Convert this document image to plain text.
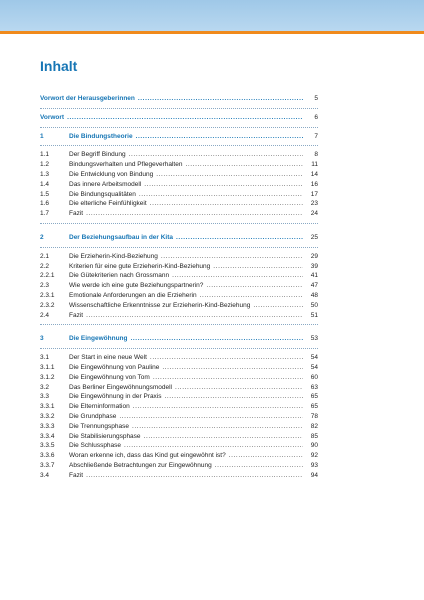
Inhalt
Vorwort der Herausgeberinnen .....	5
Vorwort .....	6
1	Die Bindungstheorie .....	7
1.1	Der Begriff Bindung .....	8
1.2	Bindungsverhalten und Pflegeverhalten .....	11
1.3	Die Entwicklung von Bindung .....	14
1.4	Das innere Arbeitsmodell .....	16
1.5	Die Bindungsqualitäten .....	17
1.6	Die elterliche Feinfühligkeit .....	23
1.7	Fazit .....	24
2	Der Beziehungsaufbau in der Kita .....	25
2.1	Die Erzieherin-Kind-Beziehung .....	29
2.2	Kriterien für eine gute Erzieherin-Kind-Beziehung .....	39
2.2.1	Die Gütekriterien nach Grossmann .....	41
2.3	Wie werde ich eine gute Beziehungspartnerin? .....	47
2.3.1	Emotionale Anforderungen an die Erzieherin .....	48
2.3.2	Wissenschaftliche Erkenntnisse zur Erzieherin-Kind-Beziehung .....	50
2.4	Fazit .....	51
3	Die Eingewöhnung .....	53
3.1	Der Start in eine neue Welt .....	54
3.1.1	Die Eingewöhnung von Pauline .....	54
3.1.2	Die Eingewöhnung von Tom .....	60
3.2	Das Berliner Eingewöhnungsmodell .....	63
3.3	Die Eingewöhnung in der Praxis .....	65
3.3.1	Die Elterninformation .....	65
3.3.2	Die Grundphase .....	78
3.3.3	Die Trennungsphase .....	82
3.3.4	Die Stabilisierungsphase .....	85
3.3.5	Die Schlussphase .....	90
3.3.6	Woran erkenne ich, dass das Kind gut eingewöhnt ist? .....	92
3.3.7	Abschließende Betrachtungen zur Eingewöhnung .....	93
3.4	Fazit .....	94
